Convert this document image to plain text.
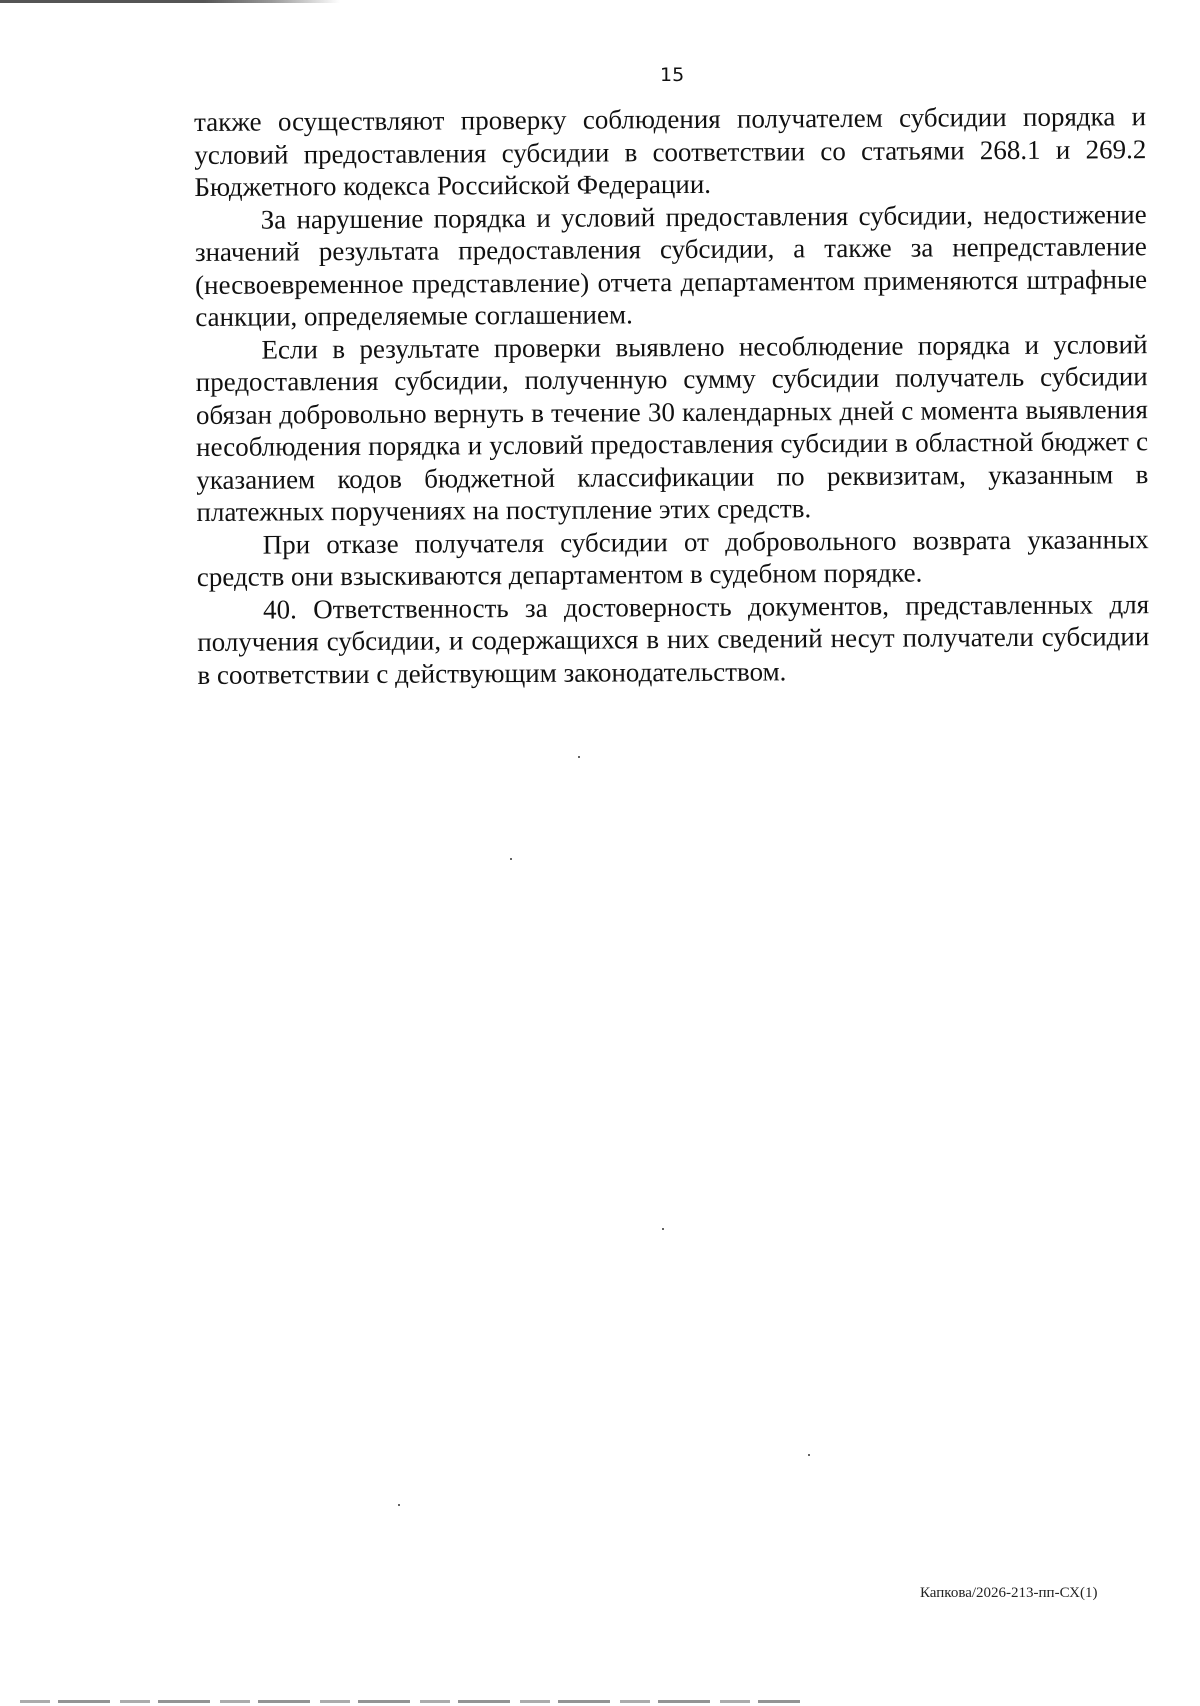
15

также осуществляют проверку соблюдения получателем субсидии порядка и условий предоставления субсидии в соответствии со статьями 268.1 и 269.2 Бюджетного кодекса Российской Федерации.

За нарушение порядка и условий предоставления субсидии, недостижение значений результата предоставления субсидии, а также за непредставление (несвоевременное представление) отчета департаментом применяются штрафные санкции, определяемые соглашением.

Если в результате проверки выявлено несоблюдение порядка и условий предоставления субсидии, полученную сумму субсидии получатель субсидии обязан добровольно вернуть в течение 30 календарных дней с момента выявления несоблюдения порядка и условий предоставления субсидии в областной бюджет с указанием кодов бюджетной классификации по реквизитам, указанным в платежных поручениях на поступление этих средств.

При отказе получателя субсидии от добровольного возврата указанных средств они взыскиваются департаментом в судебном порядке.

40. Ответственность за достоверность документов, представленных для получения субсидии, и содержащихся в них сведений несут получатели субсидии в соответствии с действующим законодательством.

Капкова/2026-213-пп-СХ(1)
